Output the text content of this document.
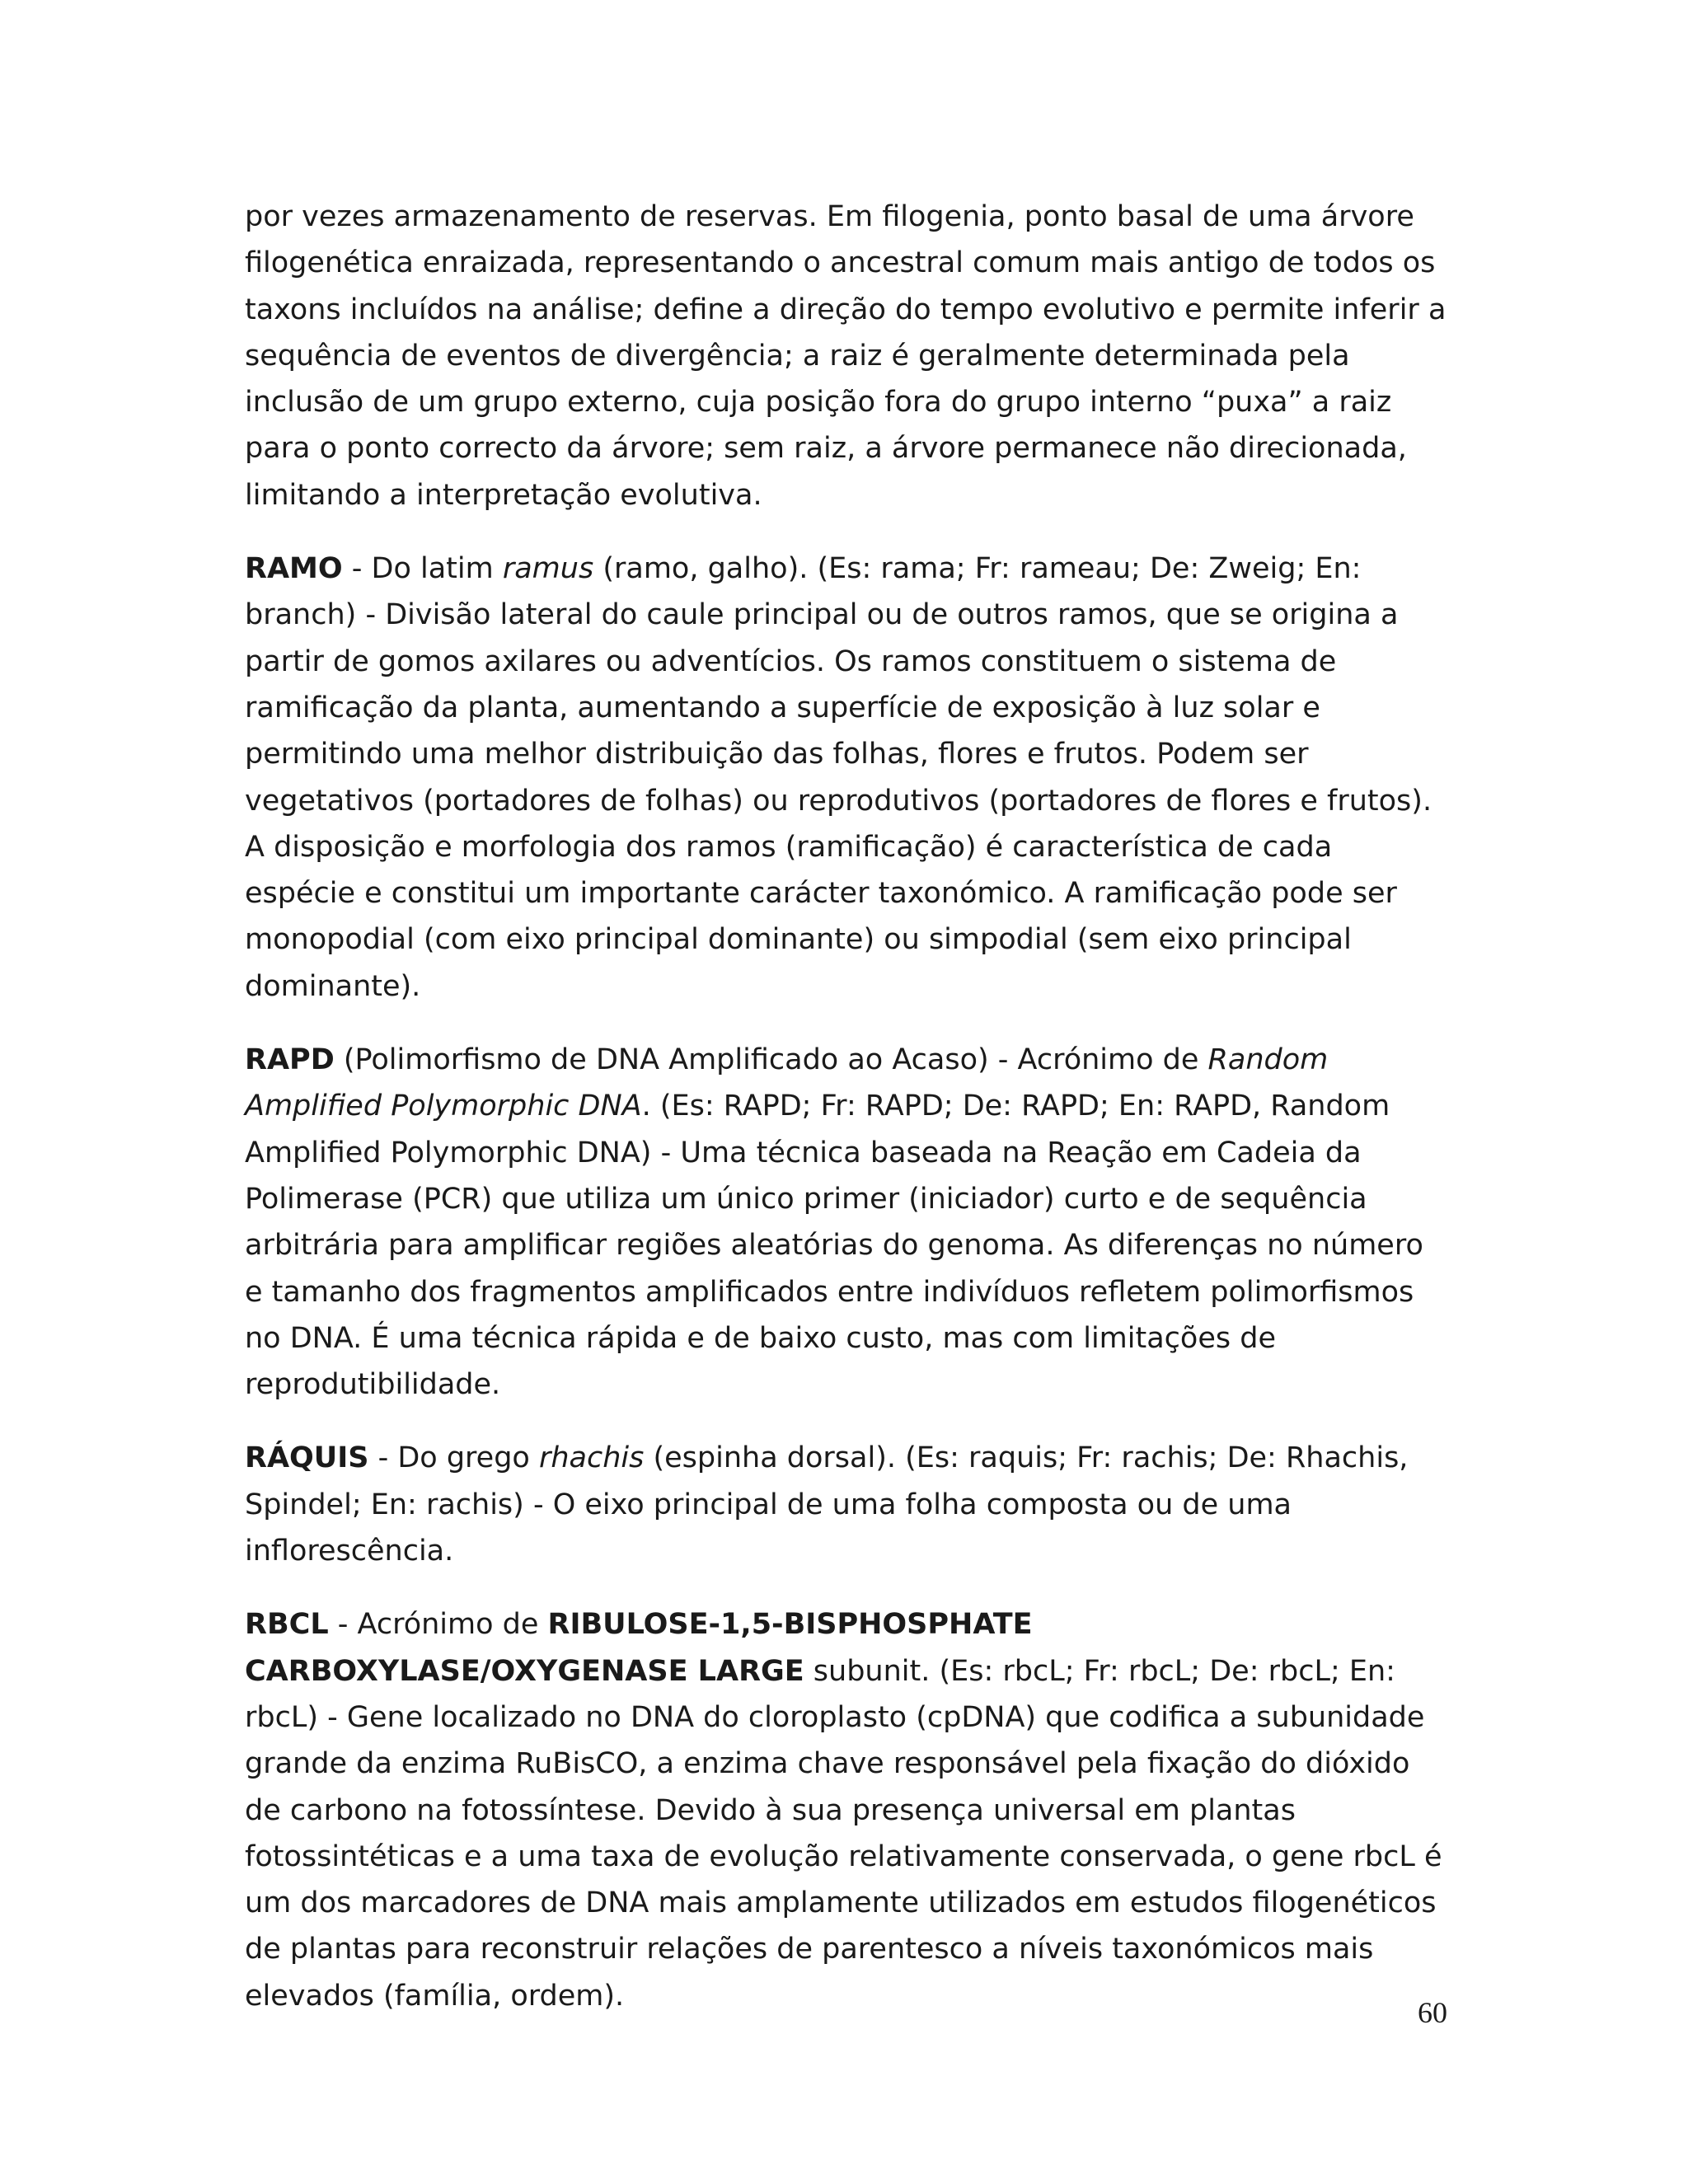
por vezes armazenamento de reservas. Em filogenia, ponto basal de uma árvore filogenética enraizada, representando o ancestral comum mais antigo de todos os taxons incluídos na análise; define a direção do tempo evolutivo e permite inferir a sequência de eventos de divergência; a raiz é geralmente determinada pela inclusão de um grupo externo, cuja posição fora do grupo interno “puxa” a raiz para o ponto correcto da árvore; sem raiz, a árvore permanece não direcionada, limitando a interpretação evolutiva.

RAMO - Do latim ramus (ramo, galho). (Es: rama; Fr: rameau; De: Zweig; En: branch) - Divisão lateral do caule principal ou de outros ramos, que se origina a partir de gomos axilares ou adventícios. Os ramos constituem o sistema de ramificação da planta, aumentando a superfície de exposição à luz solar e permitindo uma melhor distribuição das folhas, flores e frutos. Podem ser vegetativos (portadores de folhas) ou reprodutivos (portadores de flores e frutos). A disposição e morfologia dos ramos (ramificação) é característica de cada espécie e constitui um importante carácter taxonómico. A ramificação pode ser monopodial (com eixo principal dominante) ou simpodial (sem eixo principal dominante).

RAPD (Polimorfismo de DNA Amplificado ao Acaso) - Acrónimo de Random Amplified Polymorphic DNA. (Es: RAPD; Fr: RAPD; De: RAPD; En: RAPD, Random Amplified Polymorphic DNA) - Uma técnica baseada na Reação em Cadeia da Polimerase (PCR) que utiliza um único primer (iniciador) curto e de sequência arbitrária para amplificar regiões aleatórias do genoma. As diferenças no número e tamanho dos fragmentos amplificados entre indivíduos refletem polimorfismos no DNA. É uma técnica rápida e de baixo custo, mas com limitações de reprodutibilidade.

RÁQUIS - Do grego rhachis (espinha dorsal). (Es: raquis; Fr: rachis; De: Rhachis, Spindel; En: rachis) - O eixo principal de uma folha composta ou de uma inflorescência.

RBCL - Acrónimo de RIBULOSE-1,5-BISPHOSPHATE CARBOXYLASE/OXYGENASE LARGE subunit. (Es: rbcL; Fr: rbcL; De: rbcL; En: rbcL) - Gene localizado no DNA do cloroplasto (cpDNA) que codifica a subunidade grande da enzima RuBisCO, a enzima chave responsável pela fixação do dióxido de carbono na fotossíntese. Devido à sua presença universal em plantas fotossintéticas e a uma taxa de evolução relativamente conservada, o gene rbcL é um dos marcadores de DNA mais amplamente utilizados em estudos filogenéticos de plantas para reconstruir relações de parentesco a níveis taxonómicos mais elevados (família, ordem).

60
